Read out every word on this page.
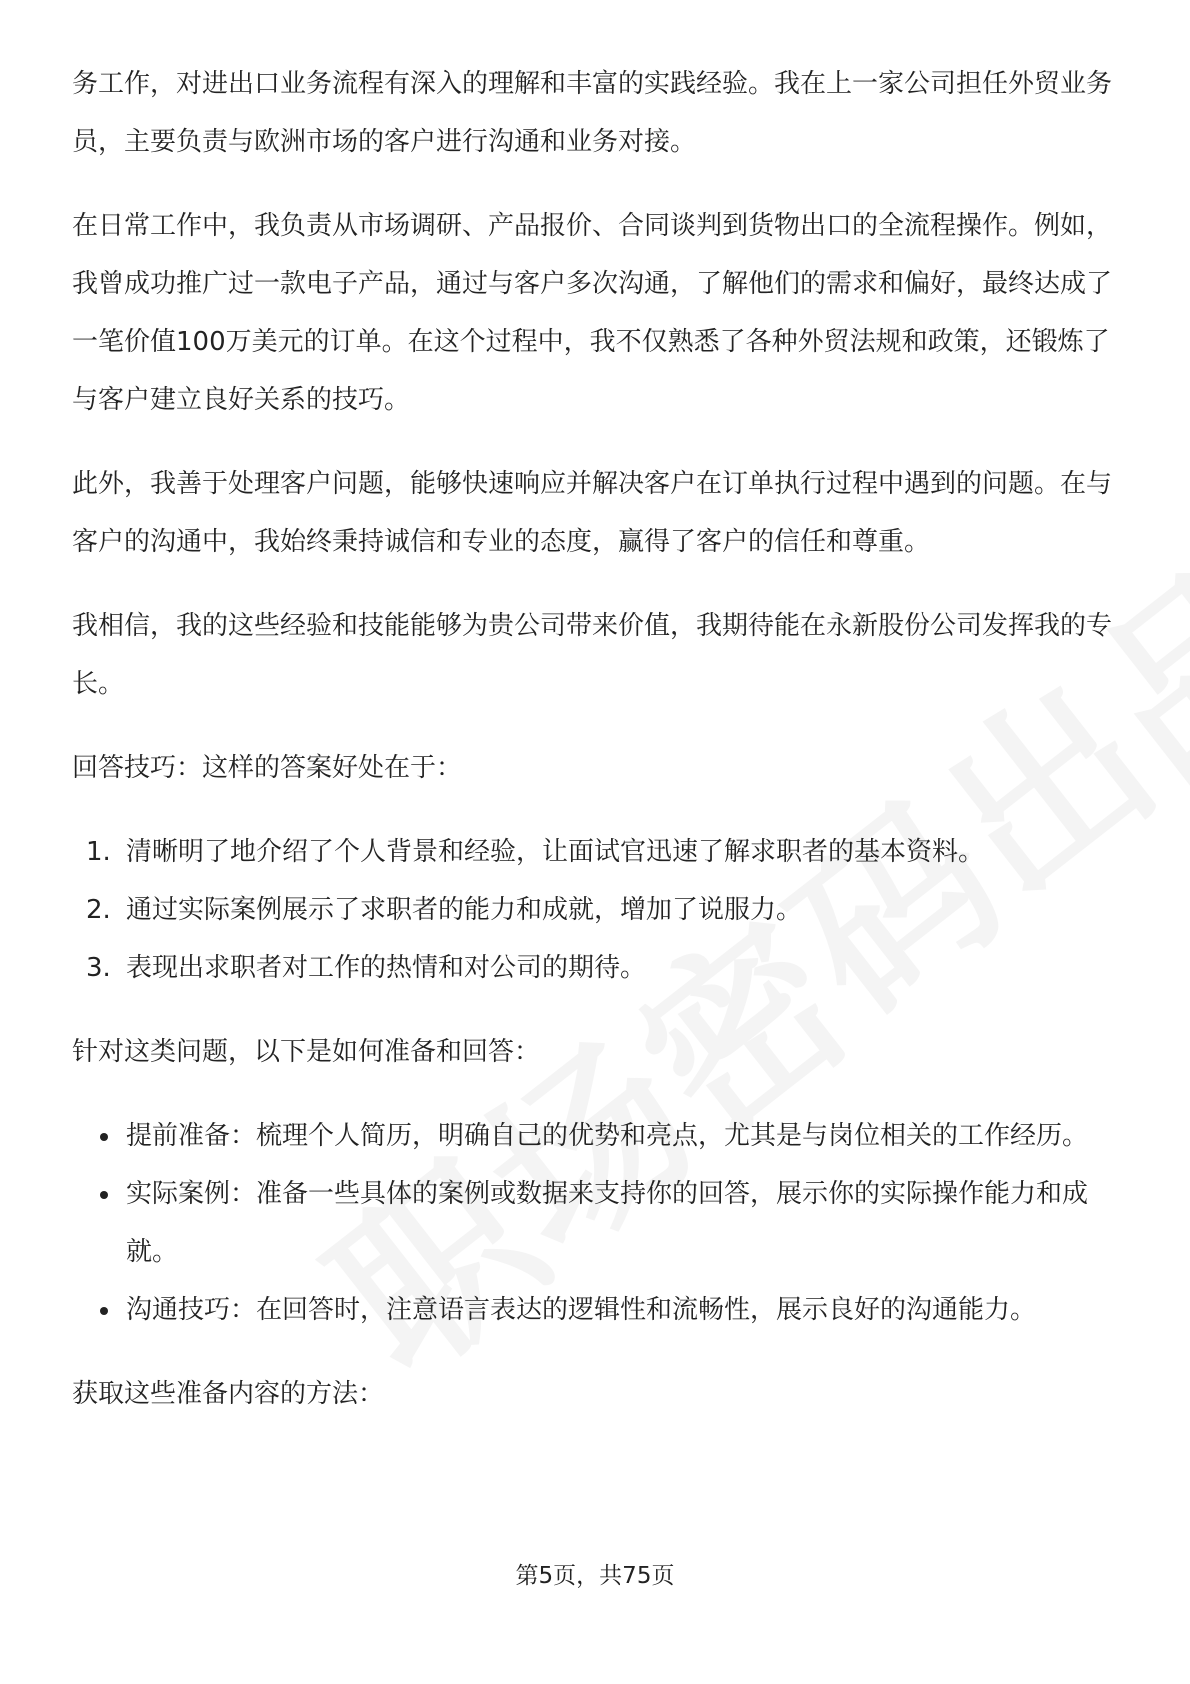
务工作，对进出口业务流程有深入的理解和丰富的实践经验。我在上一家公司担任外贸业务员，主要负责与欧洲市场的客户进行沟通和业务对接。

在日常工作中，我负责从市场调研、产品报价、合同谈判到货物出口的全流程操作。例如，我曾成功推广过一款电子产品，通过与客户多次沟通，了解他们的需求和偏好，最终达成了一笔价值100万美元的订单。在这个过程中，我不仅熟悉了各种外贸法规和政策，还锻炼了与客户建立良好关系的技巧。

此外，我善于处理客户问题，能够快速响应并解决客户在订单执行过程中遇到的问题。在与客户的沟通中，我始终秉持诚信和专业的态度，赢得了客户的信任和尊重。

我相信，我的这些经验和技能能够为贵公司带来价值，我期待能在永新股份公司发挥我的专长。

回答技巧：这样的答案好处在于：

1. 清晰明了地介绍了个人背景和经验，让面试官迅速了解求职者的基本资料。
2. 通过实际案例展示了求职者的能力和成就，增加了说服力。
3. 表现出求职者对工作的热情和对公司的期待。

针对这类问题，以下是如何准备和回答：

提前准备：梳理个人简历，明确自己的优势和亮点，尤其是与岗位相关的工作经历。
实际案例：准备一些具体的案例或数据来支持你的回答，展示你的实际操作能力和成就。
沟通技巧：在回答时，注意语言表达的逻辑性和流畅性，展示良好的沟通能力。

获取这些准备内容的方法：

第5页，共75页
